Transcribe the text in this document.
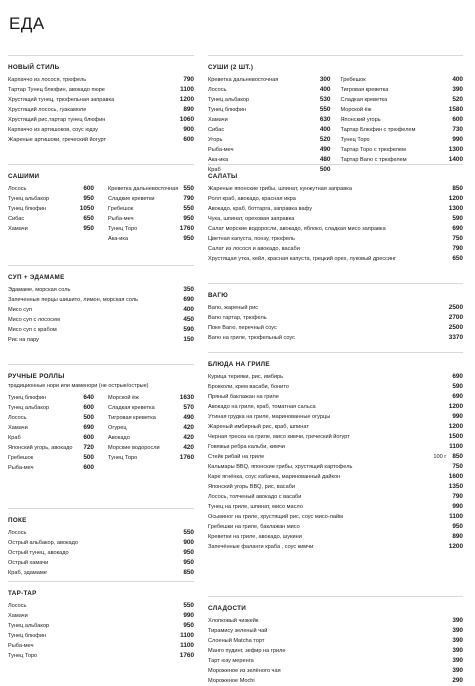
ЕДА
НОВЫЙ СТИЛЬ
Карпаччо из лосося, трюфель	790
Тартар Тунец блюфин, авокадо пюре	1100
Хрустящий тунец, трюфельная заправка	1200
Хрустящий лосось, гуакамоле	890
Хрустящий рис,тартар тунец блюфин	1060
Карпаччо из артишоков, соус юдзу	900
Жареные артишоки, греческий йогурт	600
САШИМИ
Лосось	600
Тунец альбакор	950
Тунец блюфин	1050
Сибас	650
Хамачи	950
Креветка дальневосточная 550
Сладкие креветки	790
Гребешок	550
Рыба-меч	950
Тунец Торо	1760
Ака-ика	950
СУП + ЭДАМАМЕ
Эдамаме, морская соль	350
Запеченные перцы шишито, лимон, морская соль	690
Мисо суп	400
Мисо суп с лососем	450
Мисо суп с крабом	590
Рис на пару	150
РУЧНЫЕ РОЛЛЫ
традиционные нори или маменори (не острые/острые)
Тунец блюфин	640
Тунец альбакор	600
Лосось	500
Хамачи	690
Краб	600
Японский угорь, авокадо	720
Гребешок	500
Рыба-меч	600
Морской ёж	1630
Сладкая креветка	570
Тигровая креветка	490
Огурец	420
Авокадо	420
Морские водоросли	420
Тунец Торо	1760
ПОКЕ
Лосось	550
Острый альбакор, авокадо	900
Острый тунец, авокадо	950
Острый хамачи	950
Краб, эдамаме	850
ТАР-ТАР
Лосось	550
Хамачи	990
Тунец альбакор	950
Тунец блюфин	1100
Рыба-меч	1100
Тунец Торо	1760
СУШИ (2 ШТ.)
Креветка дальневосточная	300
Лосось	400
Тунец альбакор	530
Тунец блюфин	550
Хамачи	630
Сибас	400
Угорь	520
Рыба-меч	490
Ака-ика	480
Краб	500
Гребешок	400
Тигровая креветка	390
Сладкая креветка	520
Морской ёж	1580
Японский угорь	600
Тартар Блюфин с трюфелем	730
Тунец Торо	990
Тартар Торо с трюфелем	1300
Тартар Вагю с трюфелем	1400
САЛАТЫ
Жареные японские грибы, шпинат, кунжутная заправка	850
Ролл краб, авокадо, красная икра	1200
Авокадо, краб, боттарга, заправка вафу	1300
Чука, шпинат, ореховая заправка	590
Салат морские водоросли, авокадо, яблоко, сладкая мисо заправка	690
Цветная капуста, понзу, трюфель	750
Салат из лосося и авокадо, васаби	790
Хрустящая утка, кейл, красная капуста, грецкий орех, луковый дрессинг	650
ВАГЮ
Вагю, жареный рис	2500
Вагю тартар, трюфель	2700
Поке Вагю, перечный соус	2500
Вагю на гриле, трюфельный соус	3370
БЛЮДА НА ГРИЛЕ
Курица терияки, рис, имбирь	690
Брокколи, крем васаби, бонито	590
Пряный баклажан на гриле	690
Авокадо на гриле, краб, томатная сальса	1200
Утиная грудка на гриле, маринованные огурцы	990
Жареный имбирный рис, краб, шпинат	1200
Черная треска на гриле, мисо кимчи, греческий йогурт	1500
Говяжьи ребра кальби, кимчи	1100
Стейк рибай на гриле	100 г 850
Кальмары BBQ, японские грибы, хрустящий картофель	750
Каре ягнёнка, соус кабачка, маринованный дайкон	1600
Японский угорь BBQ, рис, васаби	1350
Лосось, толченый авокадо с васаби	790
Тунец на гриле, шпинат, мисо масло	990
Осьминог на гриле, хрустящий рис, соус мисо-лайм	1100
Гребешки на гриле, баклажан мисо	950
Креветки на гриле, авокадо, шукини	890
Запечённые фаланги краба , соус кимчи	1200
СЛАДОСТИ
Хлопковый чизкейк	390
Тирамису зеленый чай	390
Слоеный Matcha торт	390
Манго пудинг, зефир на гриле	390
Тарт юзу меренга	390
Мороженое из зелёного чая	390
Мороженое Mochi	290
